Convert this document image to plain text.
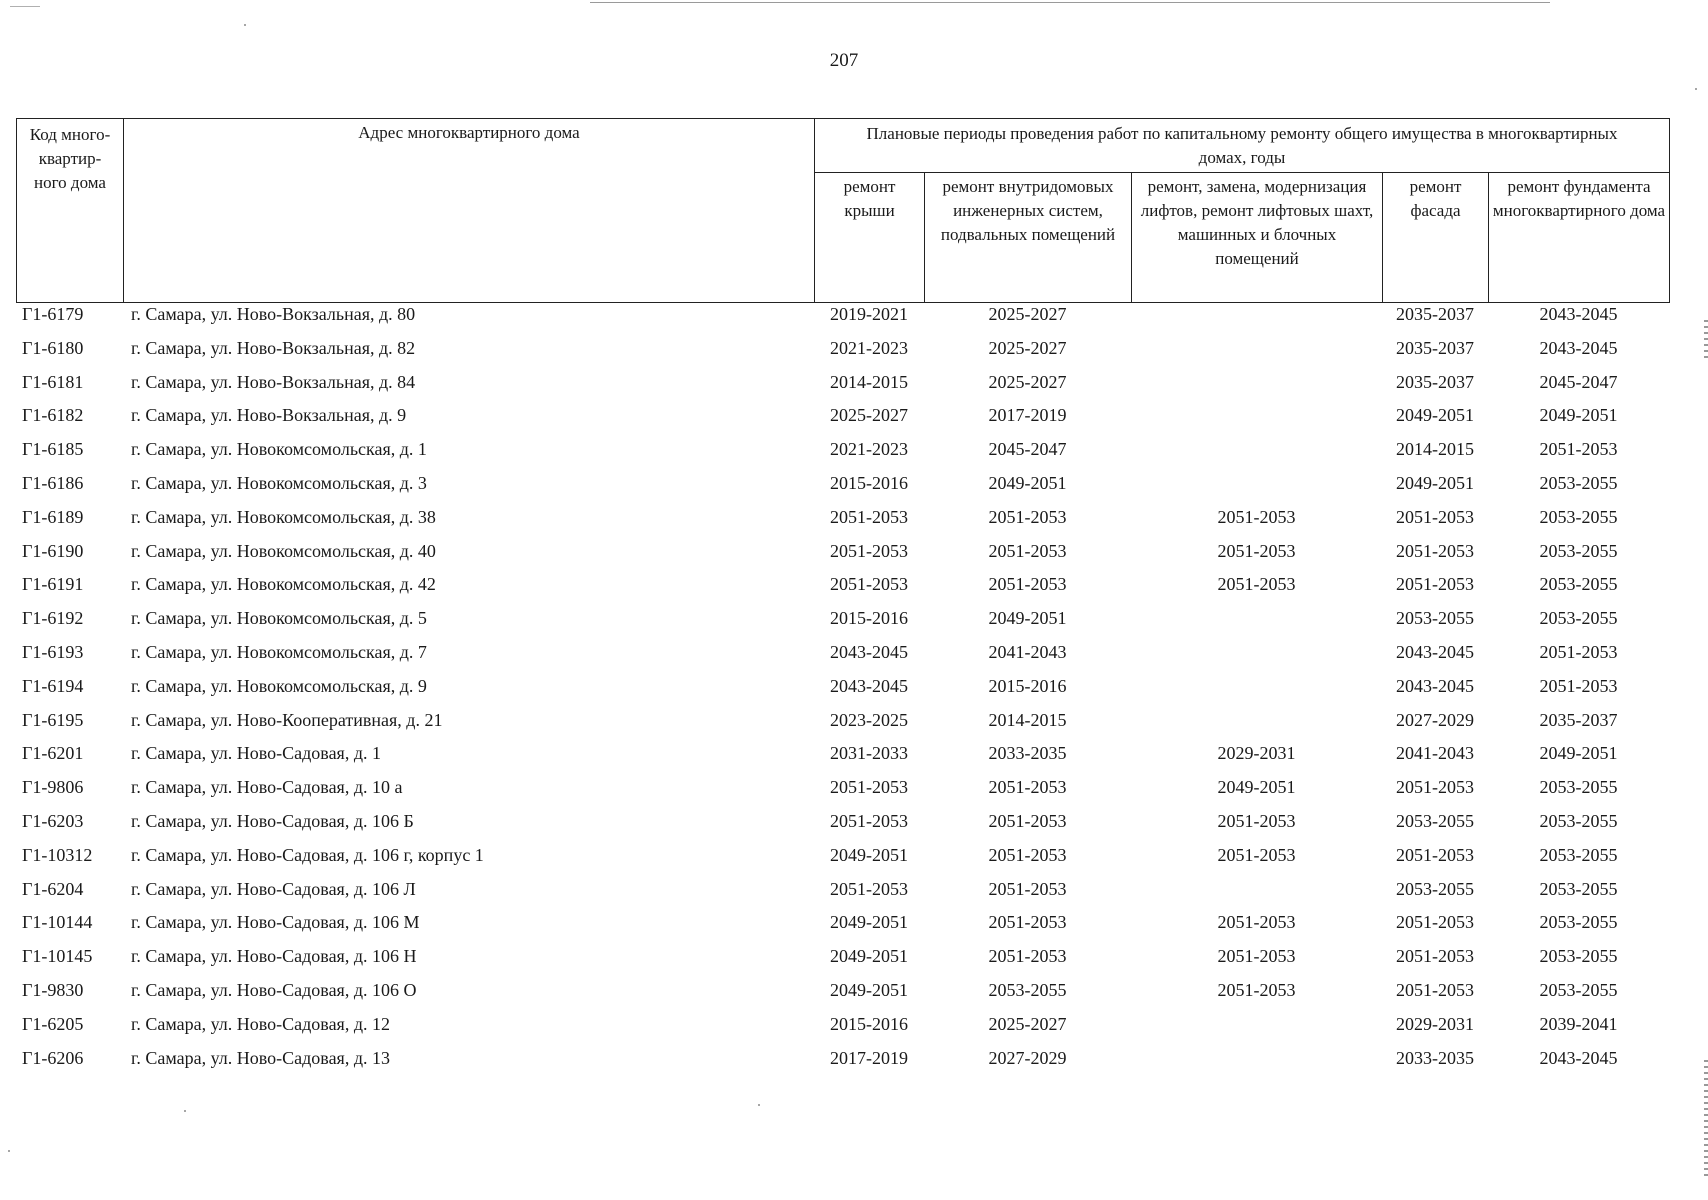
207
Код много-квартир-ного дома	Адрес многоквартирного дома	Плановые периоды проведения работ по капитальному ремонту общего имущества в многоквартирных домах, годы				
		ремонт крыши	ремонт внутридомовых инженерных систем, подвальных помещений	ремонт, замена, модернизация лифтов, ремонт лифтовых шахт, машинных и блочных помещений	ремонт фасада	ремонт фундамента многоквартирного дома
Г1-6179	г. Самара, ул. Ново-Вокзальная, д. 80	2019-2021	2025-2027		2035-2037	2043-2045
Г1-6180	г. Самара, ул. Ново-Вокзальная, д. 82	2021-2023	2025-2027		2035-2037	2043-2045
Г1-6181	г. Самара, ул. Ново-Вокзальная, д. 84	2014-2015	2025-2027		2035-2037	2045-2047
Г1-6182	г. Самара, ул. Ново-Вокзальная, д. 9	2025-2027	2017-2019		2049-2051	2049-2051
Г1-6185	г. Самара, ул. Новокомсомольская, д. 1	2021-2023	2045-2047		2014-2015	2051-2053
Г1-6186	г. Самара, ул. Новокомсомольская, д. 3	2015-2016	2049-2051		2049-2051	2053-2055
Г1-6189	г. Самара, ул. Новокомсомольская, д. 38	2051-2053	2051-2053	2051-2053	2051-2053	2053-2055
Г1-6190	г. Самара, ул. Новокомсомольская, д. 40	2051-2053	2051-2053	2051-2053	2051-2053	2053-2055
Г1-6191	г. Самара, ул. Новокомсомольская, д. 42	2051-2053	2051-2053	2051-2053	2051-2053	2053-2055
Г1-6192	г. Самара, ул. Новокомсомольская, д. 5	2015-2016	2049-2051		2053-2055	2053-2055
Г1-6193	г. Самара, ул. Новокомсомольская, д. 7	2043-2045	2041-2043		2043-2045	2051-2053
Г1-6194	г. Самара, ул. Новокомсомольская, д. 9	2043-2045	2015-2016		2043-2045	2051-2053
Г1-6195	г. Самара, ул. Ново-Кооперативная, д. 21	2023-2025	2014-2015		2027-2029	2035-2037
Г1-6201	г. Самара, ул. Ново-Садовая, д. 1	2031-2033	2033-2035	2029-2031	2041-2043	2049-2051
Г1-9806	г. Самара, ул. Ново-Садовая, д. 10 а	2051-2053	2051-2053	2049-2051	2051-2053	2053-2055
Г1-6203	г. Самара, ул. Ново-Садовая, д. 106 Б	2051-2053	2051-2053	2051-2053	2053-2055	2053-2055
Г1-10312	г. Самара, ул. Ново-Садовая, д. 106 г, корпус 1	2049-2051	2051-2053	2051-2053	2051-2053	2053-2055
Г1-6204	г. Самара, ул. Ново-Садовая, д. 106 Л	2051-2053	2051-2053		2053-2055	2053-2055
Г1-10144	г. Самара, ул. Ново-Садовая, д. 106 М	2049-2051	2051-2053	2051-2053	2051-2053	2053-2055
Г1-10145	г. Самара, ул. Ново-Садовая, д. 106 Н	2049-2051	2051-2053	2051-2053	2051-2053	2053-2055
Г1-9830	г. Самара, ул. Ново-Садовая, д. 106 О	2049-2051	2053-2055	2051-2053	2051-2053	2053-2055
Г1-6205	г. Самара, ул. Ново-Садовая, д. 12	2015-2016	2025-2027		2029-2031	2039-2041
Г1-6206	г. Самара, ул. Ново-Садовая, д. 13	2017-2019	2027-2029		2033-2035	2043-2045
